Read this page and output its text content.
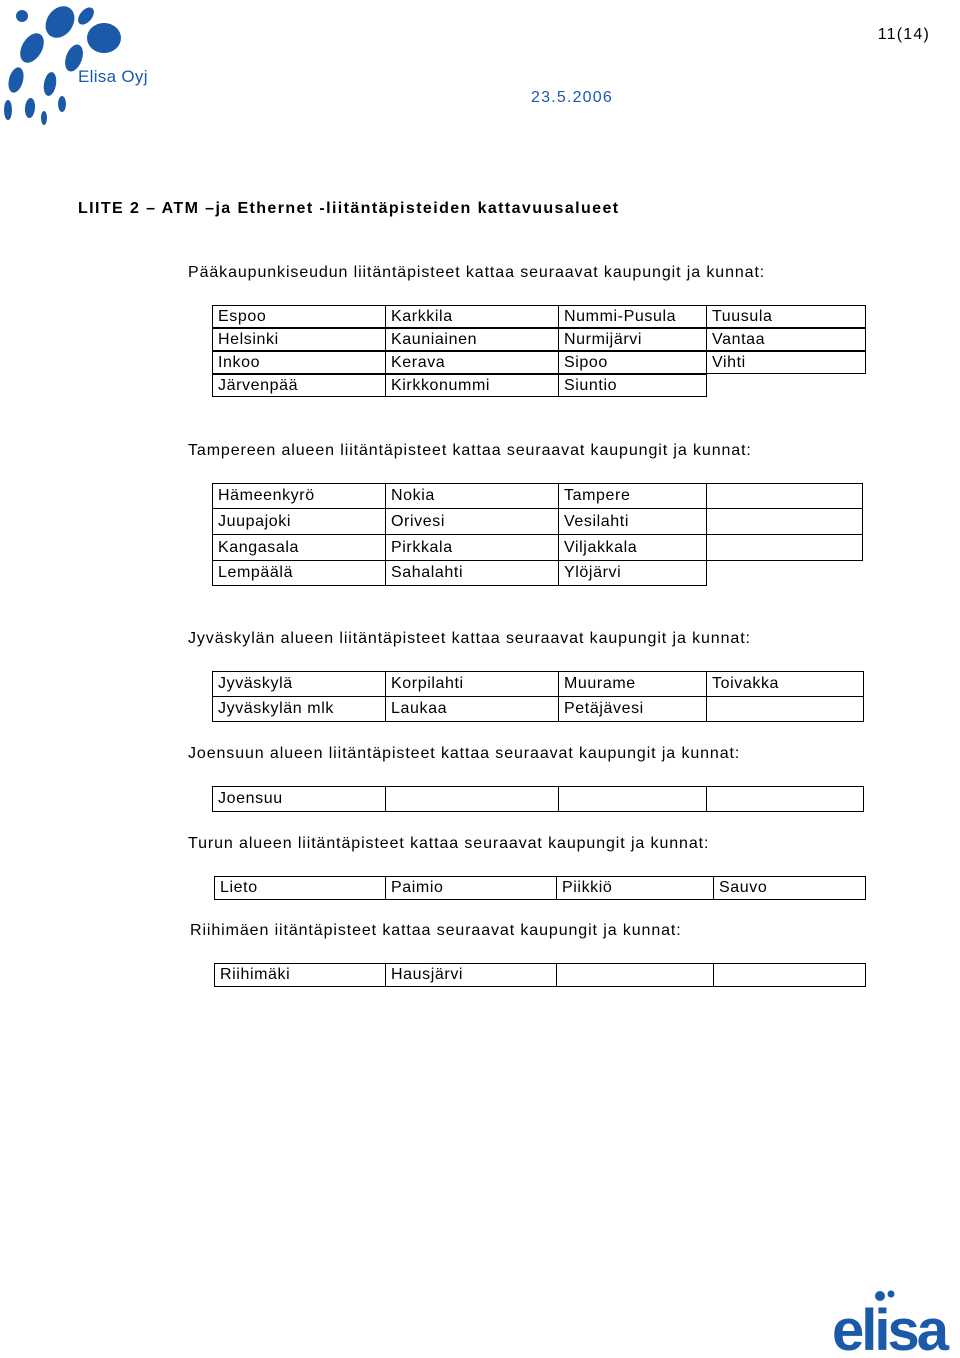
Elisa Oyj
11(14)
23.5.2006
LIITE 2 – ATM –ja Ethernet -liitäntäpisteiden kattavuusalueet
Pääkaupunkiseudun liitäntäpisteet kattaa seuraavat kaupungit ja kunnat:
Espoo	Karkkila	Nummi-Pusula	Tuusula
Helsinki	Kauniainen	Nurmijärvi	Vantaa
Inkoo	Kerava	Sipoo	Vihti
Järvenpää	Kirkkonummi	Siuntio
Tampereen alueen liitäntäpisteet kattaa seuraavat kaupungit ja kunnat:
Hämeenkyrö	Nokia	Tampere
Juupajoki	Orivesi	Vesilahti
Kangasala	Pirkkala	Viljakkala
Lempäälä	Sahalahti	Ylöjärvi
Jyväskylän alueen liitäntäpisteet kattaa seuraavat kaupungit ja kunnat:
Jyväskylä	Korpilahti	Muurame	Toivakka
Jyväskylän mlk	Laukaa	Petäjävesi
Joensuun alueen liitäntäpisteet kattaa seuraavat kaupungit ja kunnat:
Joensuu
Turun alueen liitäntäpisteet kattaa seuraavat kaupungit ja kunnat:
Lieto	Paimio	Piikkiö	Sauvo
Riihimäen iitäntäpisteet kattaa seuraavat kaupungit ja kunnat:
Riihimäki	Hausjärvi
elisa
